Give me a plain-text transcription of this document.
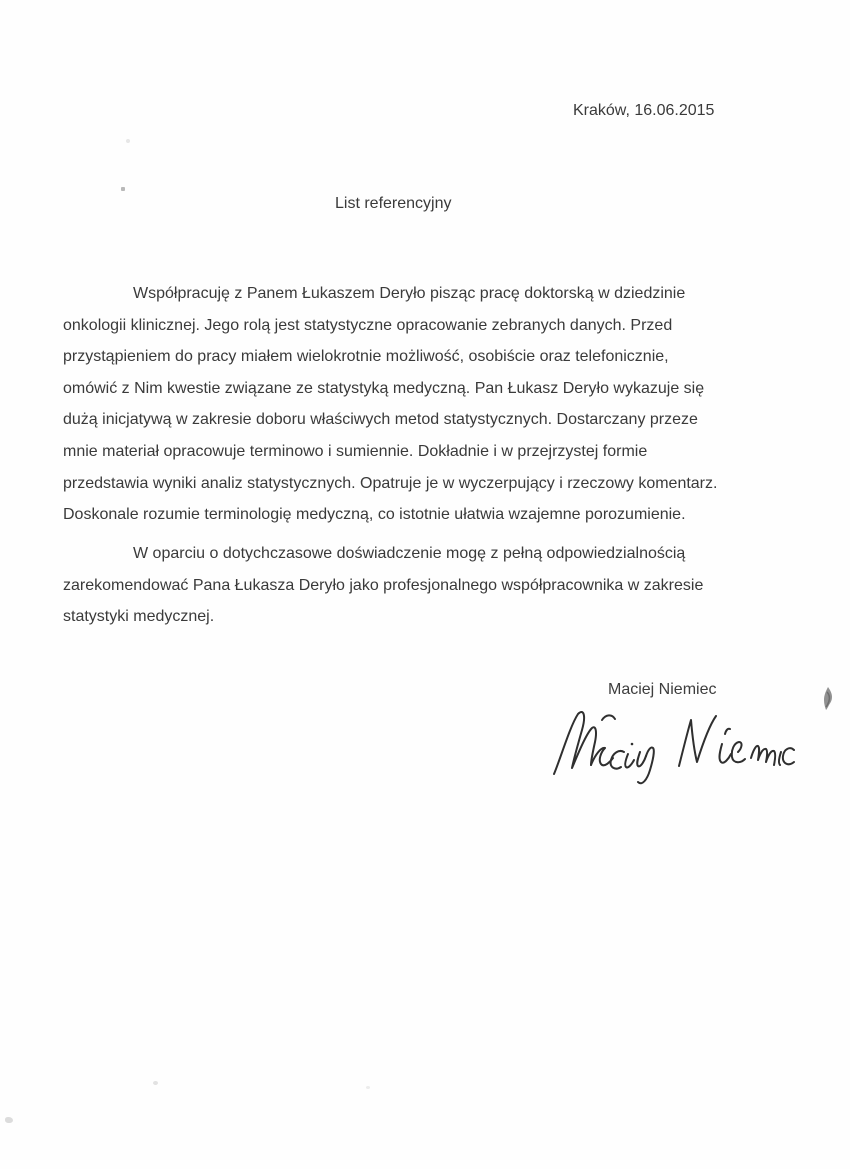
Kraków, 16.06.2015
List referencyjny
Współpracuję z Panem Łukaszem Deryło pisząc pracę doktorską w dziedzinie
onkologii klinicznej. Jego rolą jest statystyczne opracowanie zebranych danych. Przed
przystąpieniem do pracy miałem wielokrotnie możliwość, osobiście oraz telefonicznie,
omówić z Nim kwestie związane ze statystyką medyczną. Pan Łukasz Deryło wykazuje się
dużą inicjatywą w zakresie doboru właściwych metod statystycznych. Dostarczany przeze
mnie materiał opracowuje terminowo i sumiennie. Dokładnie i w przejrzystej formie
przedstawia wyniki analiz statystycznych. Opatruje je w wyczerpujący i rzeczowy komentarz.
Doskonale rozumie terminologię medyczną, co istotnie ułatwia wzajemne porozumienie.
W oparciu o dotychczasowe doświadczenie mogę z pełną odpowiedzialnością
zarekomendować Pana Łukasza Deryło jako profesjonalnego współpracownika w zakresie
statystyki medycznej.
Maciej Niemiec
